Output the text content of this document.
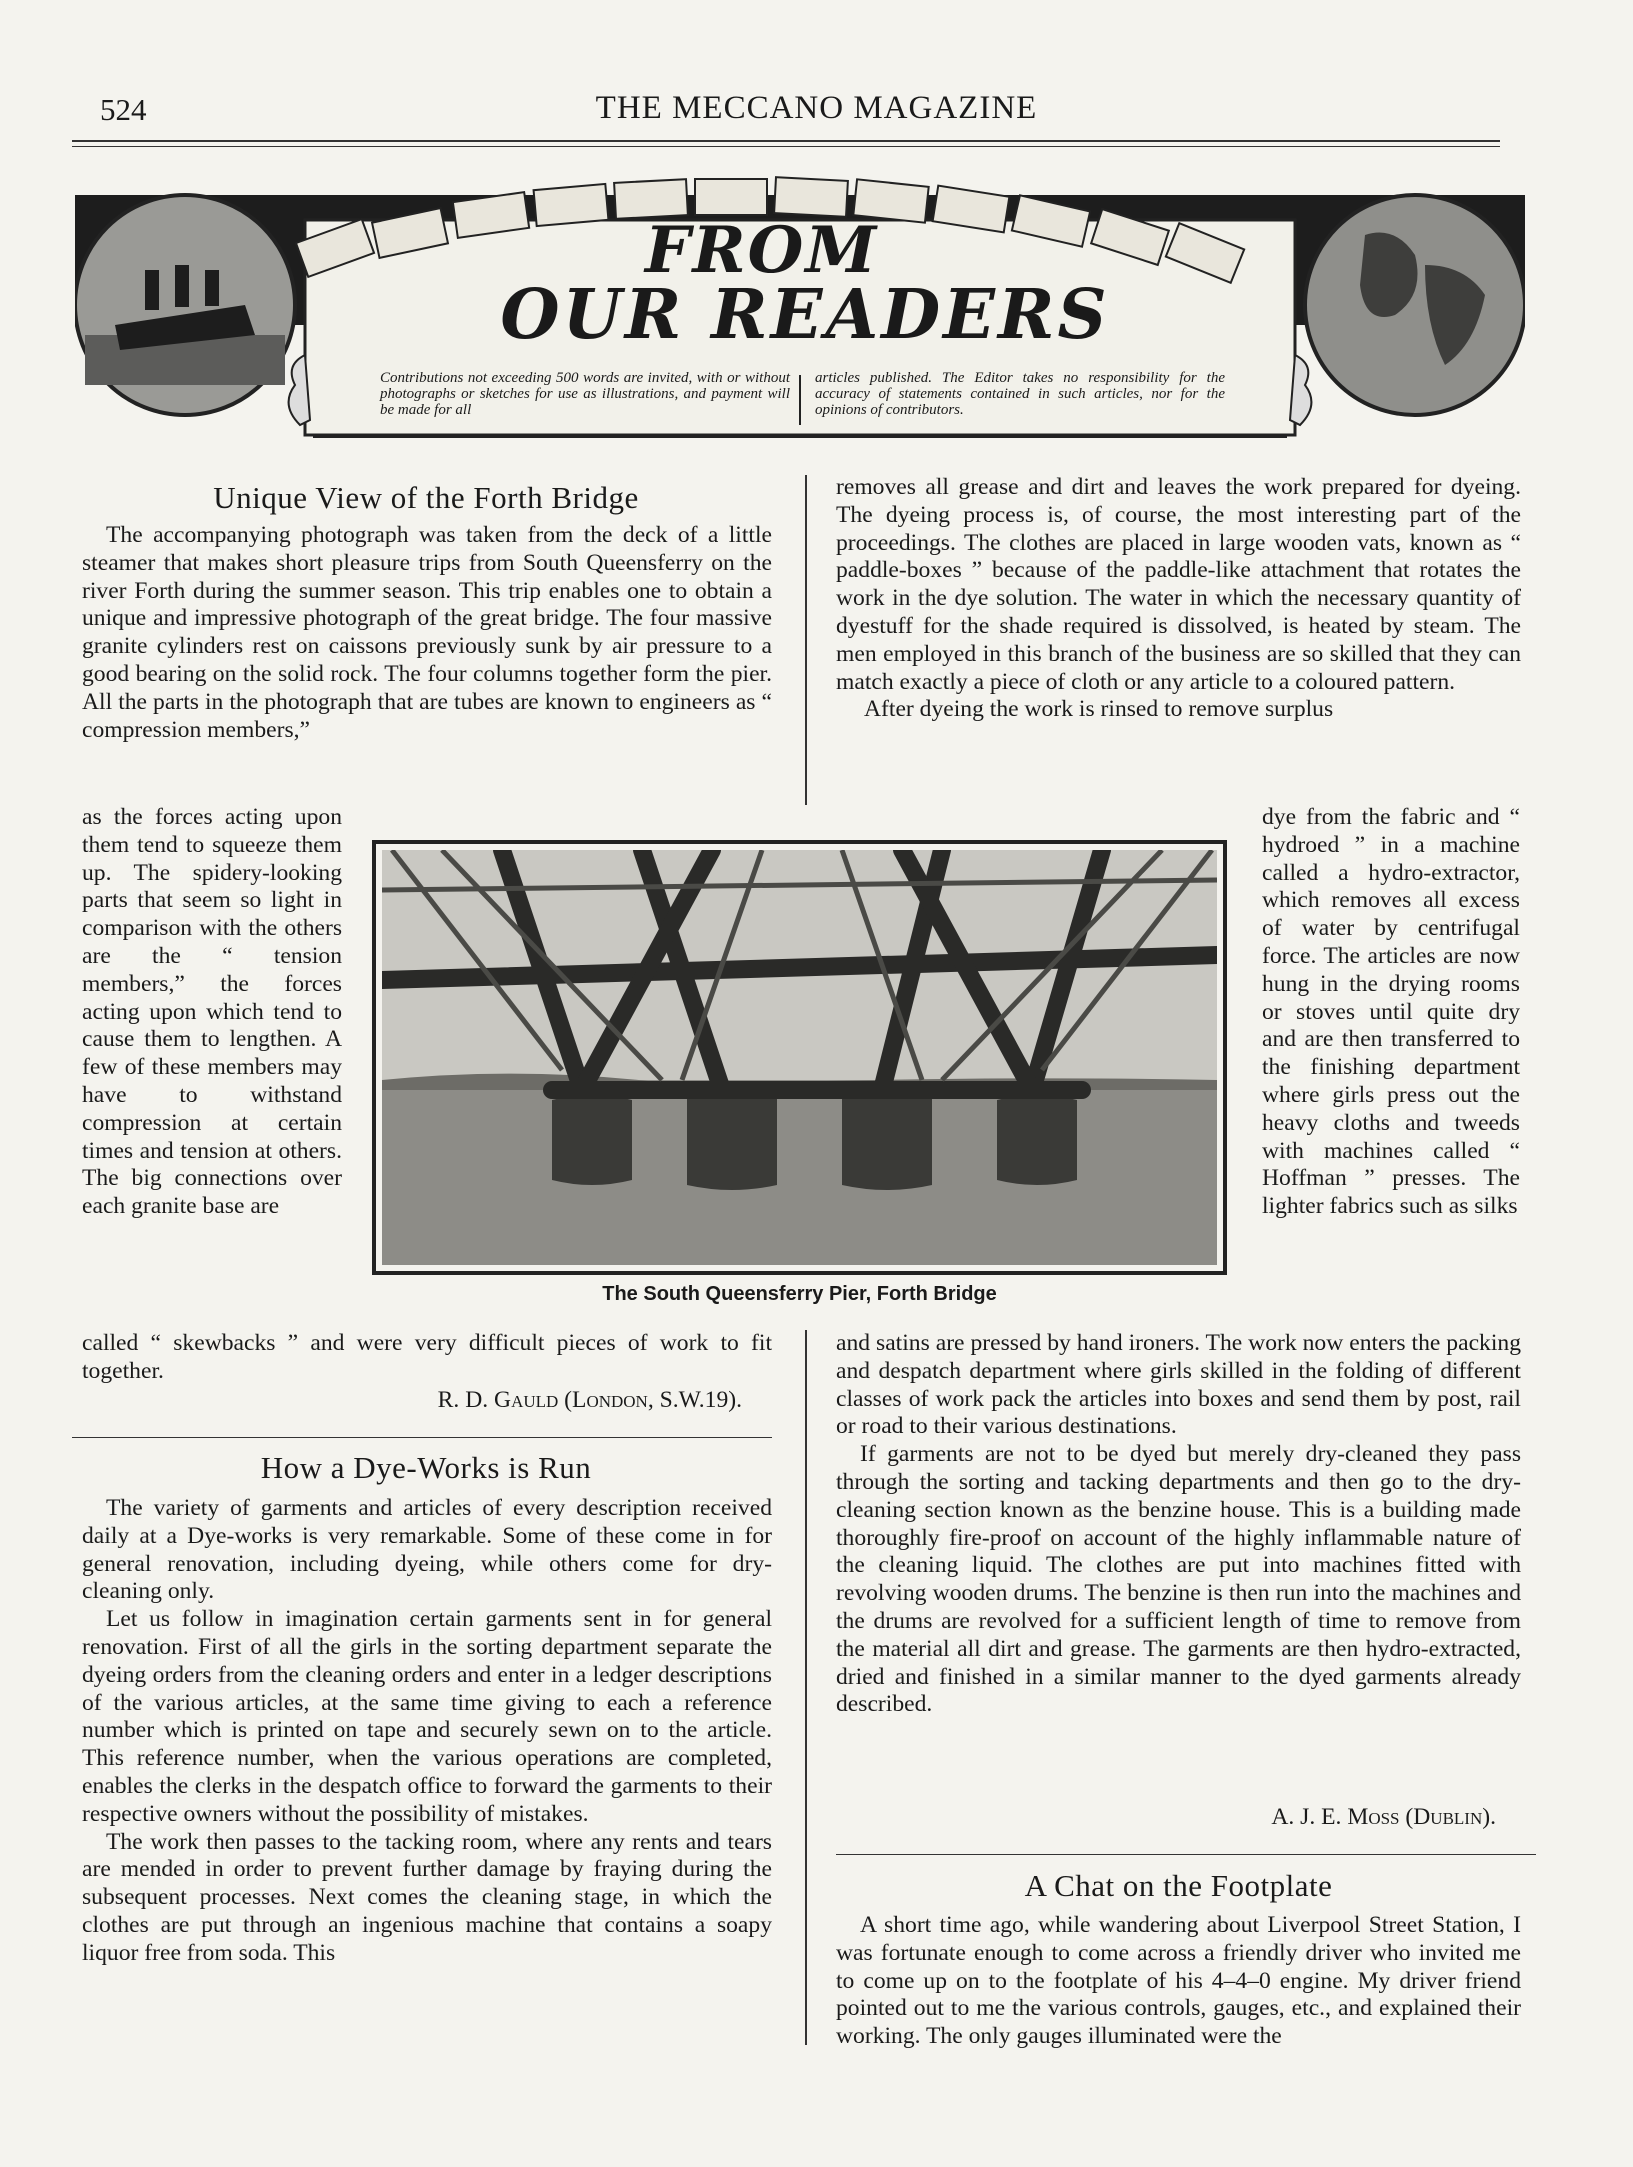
524	THE MECCANO MAGAZINE
FROM
OUR READERS
Contributions not exceeding 500 words are invited, with or without photographs or sketches for use as illustrations, and payment will be made for all
articles published. The Editor takes no responsibility for the accuracy of statements contained in such articles, nor for the opinions of contributors.
Unique View of the Forth Bridge

The accompanying photograph was taken from the deck of a little steamer that makes short pleasure trips from South Queensferry on the river Forth during the summer season. This trip enables one to obtain a unique and impressive photograph of the great bridge. The four massive granite cylinders rest on caissons previously sunk by air pressure to a good bearing on the solid rock. The four columns together form the pier. All the parts in the photograph that are tubes are known to engineers as “ compression members,”

as the forces acting upon them tend to squeeze them up. The spidery-looking parts that seem so light in comparison with the others are the “ tension members,” the forces acting upon which tend to cause them to lengthen. A few of these members may have to withstand compression at certain times and tension at others. The big connections over each granite base are

called “ skewbacks ” and were very difficult pieces of work to fit together.

R. D. Gauld (London, S.W.19).
The South Queensferry Pier, Forth Bridge
How a Dye-Works is Run

The variety of garments and articles of every description received daily at a Dye-works is very remarkable. Some of these come in for general renovation, including dyeing, while others come for dry-cleaning only.

Let us follow in imagination certain garments sent in for general renovation. First of all the girls in the sorting department separate the dyeing orders from the cleaning orders and enter in a ledger descriptions of the various articles, at the same time giving to each a reference number which is printed on tape and securely sewn on to the article. This reference number, when the various operations are completed, enables the clerks in the despatch office to forward the garments to their respective owners without the possibility of mistakes.

The work then passes to the tacking room, where any rents and tears are mended in order to prevent further damage by fraying during the subsequent processes. Next comes the cleaning stage, in which the clothes are put through an ingenious machine that contains a soapy liquor free from soda. This

removes all grease and dirt and leaves the work prepared for dyeing. The dyeing process is, of course, the most interesting part of the proceedings. The clothes are placed in large wooden vats, known as “ paddle-boxes ” because of the paddle-like attachment that rotates the work in the dye solution. The water in which the necessary quantity of dyestuff for the shade required is dissolved, is heated by steam. The men employed in this branch of the business are so skilled that they can match exactly a piece of cloth or any article to a coloured pattern.

After dyeing the work is rinsed to remove surplus

dye from the fabric and “ hydroed ” in a machine called a hydro-extractor, which removes all excess of water by centrifugal force. The articles are now hung in the drying rooms or stoves until quite dry and are then transferred to the finishing department where girls press out the heavy cloths and tweeds with machines called “ Hoffman ” presses. The lighter fabrics such as silks

and satins are pressed by hand ironers. The work now enters the packing and despatch department where girls skilled in the folding of different classes of work pack the articles into boxes and send them by post, rail or road to their various destinations.

If garments are not to be dyed but merely dry-cleaned they pass through the sorting and tacking departments and then go to the dry-cleaning section known as the benzine house. This is a building made thoroughly fire-proof on account of the highly inflammable nature of the cleaning liquid. The clothes are put into machines fitted with revolving wooden drums. The benzine is then run into the machines and the drums are revolved for a sufficient length of time to remove from the material all dirt and grease. The garments are then hydro-extracted, dried and finished in a similar manner to the dyed garments already described.

A. J. E. Moss (Dublin).
A Chat on the Footplate

A short time ago, while wandering about Liverpool Street Station, I was fortunate enough to come across a friendly driver who invited me to come up on to the footplate of his 4–4–0 engine. My driver friend pointed out to me the various controls, gauges, etc., and explained their working. The only gauges illuminated were the
